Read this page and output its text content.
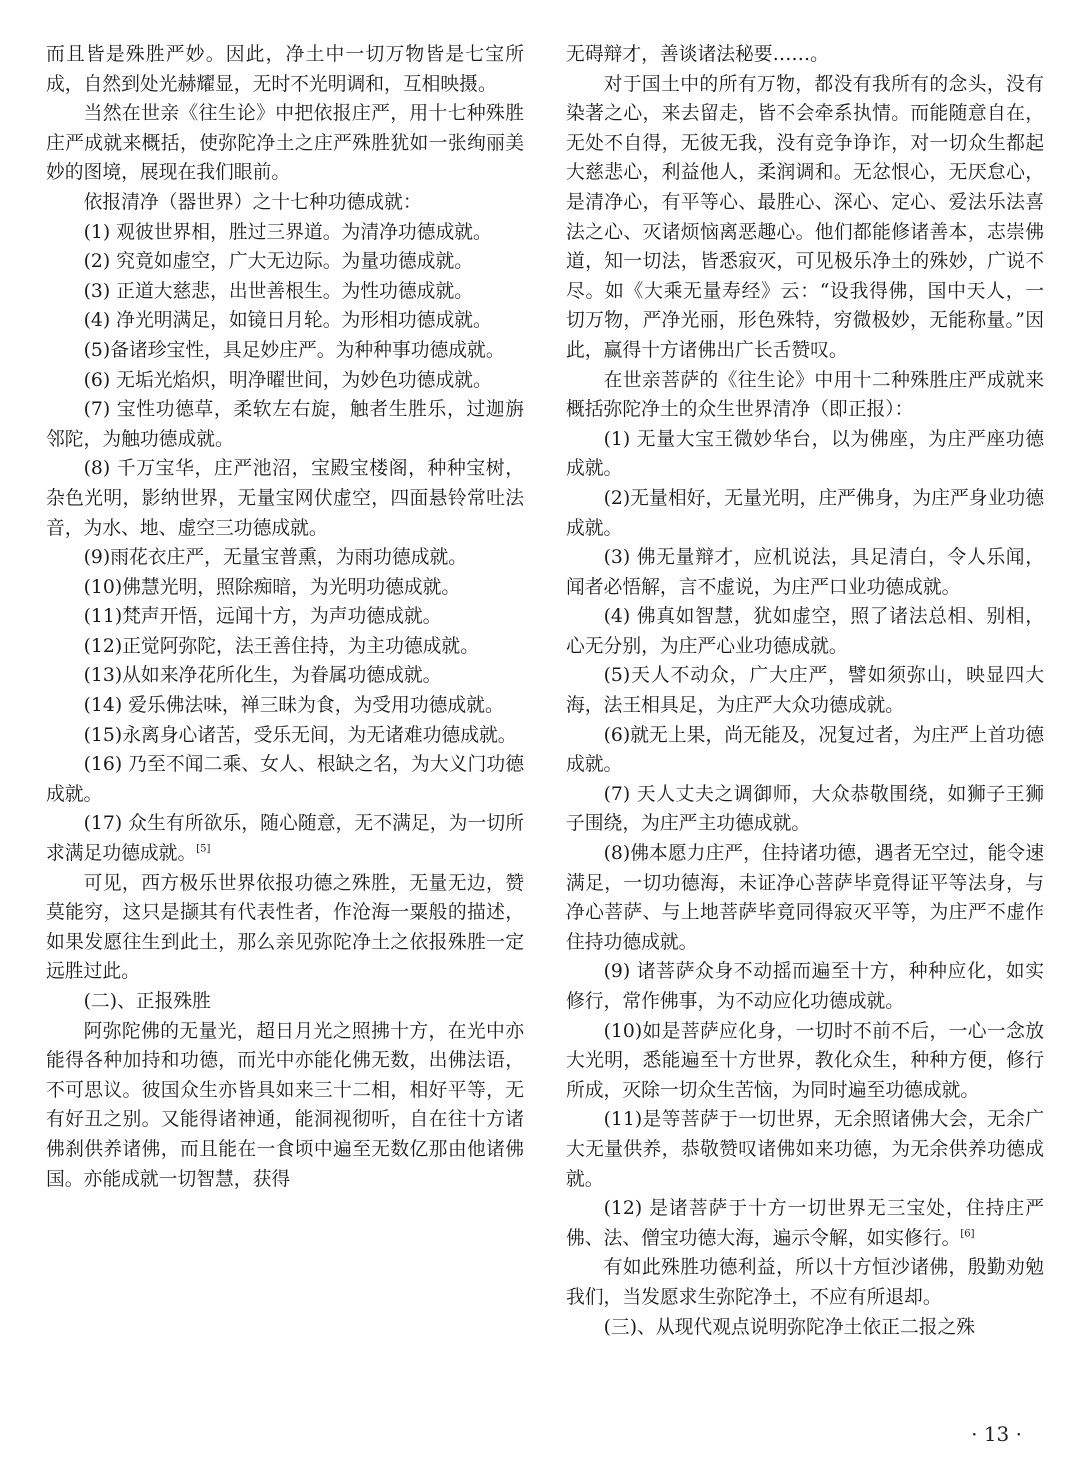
而且皆是殊胜严妙。因此，净土中一切万物皆是七宝所成，自然到处光赫耀显，无时不光明调和，互相映摄。

当然在世亲《往生论》中把依报庄严，用十七种殊胜庄严成就来概括，使弥陀净土之庄严殊胜犹如一张绚丽美妙的图境，展现在我们眼前。

依报清净（器世界）之十七种功德成就：

(1) 观彼世界相，胜过三界道。为清净功德成就。

(2) 究竟如虚空，广大无边际。为量功德成就。

(3) 正道大慈悲，出世善根生。为性功德成就。

(4) 净光明满足，如镜日月轮。为形相功德成就。

(5)备诸珍宝性，具足妙庄严。为种种事功德成就。

(6) 无垢光焰炽，明净曜世间，为妙色功德成就。

(7) 宝性功德草，柔软左右旋，触者生胜乐，过迦旃邻陀，为触功德成就。

(8) 千万宝华，庄严池沼，宝殿宝楼阁，种种宝树，杂色光明，影纳世界，无量宝网伏虚空，四面悬铃常吐法音，为水、地、虚空三功德成就。

(9)雨花衣庄严，无量宝普熏，为雨功德成就。

(10)佛慧光明，照除痴暗，为光明功德成就。

(11)梵声开悟，远闻十方，为声功德成就。

(12)正觉阿弥陀，法王善住持，为主功德成就。

(13)从如来净花所化生，为眷属功德成就。

(14) 爱乐佛法味，禅三昧为食，为受用功德成就。

(15)永离身心诸苦，受乐无间，为无诸难功德成就。

(16) 乃至不闻二乘、女人、根缺之名，为大义门功德成就。

(17) 众生有所欲乐，随心随意，无不满足，为一切所求满足功德成就。[5]

可见，西方极乐世界依报功德之殊胜，无量无边，赞莫能穷，这只是撷其有代表性者，作沧海一粟般的描述，如果发愿往生到此土，那么亲见弥陀净土之依报殊胜一定远胜过此。

(二)、正报殊胜

阿弥陀佛的无量光，超日月光之照拂十方，在光中亦能得各种加持和功德，而光中亦能化佛无数，出佛法语，不可思议。彼国众生亦皆具如来三十二相，相好平等，无有好丑之别。又能得诸神通，能洞视彻听，自在往十方诸佛刹供养诸佛，而且能在一食顷中遍至无数亿那由他诸佛国。亦能成就一切智慧，获得

无碍辩才，善谈诸法秘要……。

对于国土中的所有万物，都没有我所有的念头，没有染著之心，来去留走，皆不会牵系执情。而能随意自在，无处不自得，无彼无我，没有竞争诤诈，对一切众生都起大慈悲心，利益他人，柔润调和。无忿恨心，无厌怠心，是清净心，有平等心、最胜心、深心、定心、爱法乐法喜法之心、灭诸烦恼离恶趣心。他们都能修诸善本，志崇佛道，知一切法，皆悉寂灭，可见极乐净土的殊妙，广说不尽。如《大乘无量寿经》云：“设我得佛，国中天人，一切万物，严净光丽，形色殊特，穷微极妙，无能称量。”因此，赢得十方诸佛出广长舌赞叹。

在世亲菩萨的《往生论》中用十二种殊胜庄严成就来概括弥陀净土的众生世界清净（即正报）：

(1) 无量大宝王微妙华台，以为佛座，为庄严座功德成就。

(2)无量相好，无量光明，庄严佛身，为庄严身业功德成就。

(3) 佛无量辩才，应机说法，具足清白，令人乐闻，闻者必悟解，言不虚说，为庄严口业功德成就。

(4) 佛真如智慧，犹如虚空，照了诸法总相、别相，心无分别，为庄严心业功德成就。

(5)天人不动众，广大庄严，譬如须弥山，映显四大海，法王相具足，为庄严大众功德成就。

(6)就无上果，尚无能及，况复过者，为庄严上首功德成就。

(7) 天人丈夫之调御师，大众恭敬围绕，如狮子王狮子围绕，为庄严主功德成就。

(8)佛本愿力庄严，住持诸功德，遇者无空过，能令速满足，一切功德海，未证净心菩萨毕竟得证平等法身，与净心菩萨、与上地菩萨毕竟同得寂灭平等，为庄严不虚作住持功德成就。

(9) 诸菩萨众身不动摇而遍至十方，种种应化，如实修行，常作佛事，为不动应化功德成就。

(10)如是菩萨应化身，一切时不前不后，一心一念放大光明，悉能遍至十方世界，教化众生，种种方便，修行所成，灭除一切众生苦恼，为同时遍至功德成就。

(11)是等菩萨于一切世界，无余照诸佛大会，无余广大无量供养，恭敬赞叹诸佛如来功德，为无余供养功德成就。

(12) 是诸菩萨于十方一切世界无三宝处，住持庄严佛、法、僧宝功德大海，遍示令解，如实修行。[6]

有如此殊胜功德利益，所以十方恒沙诸佛，殷勤劝勉我们，当发愿求生弥陀净土，不应有所退却。

(三)、从现代观点说明弥陀净土依正二报之殊

· 13 ·
